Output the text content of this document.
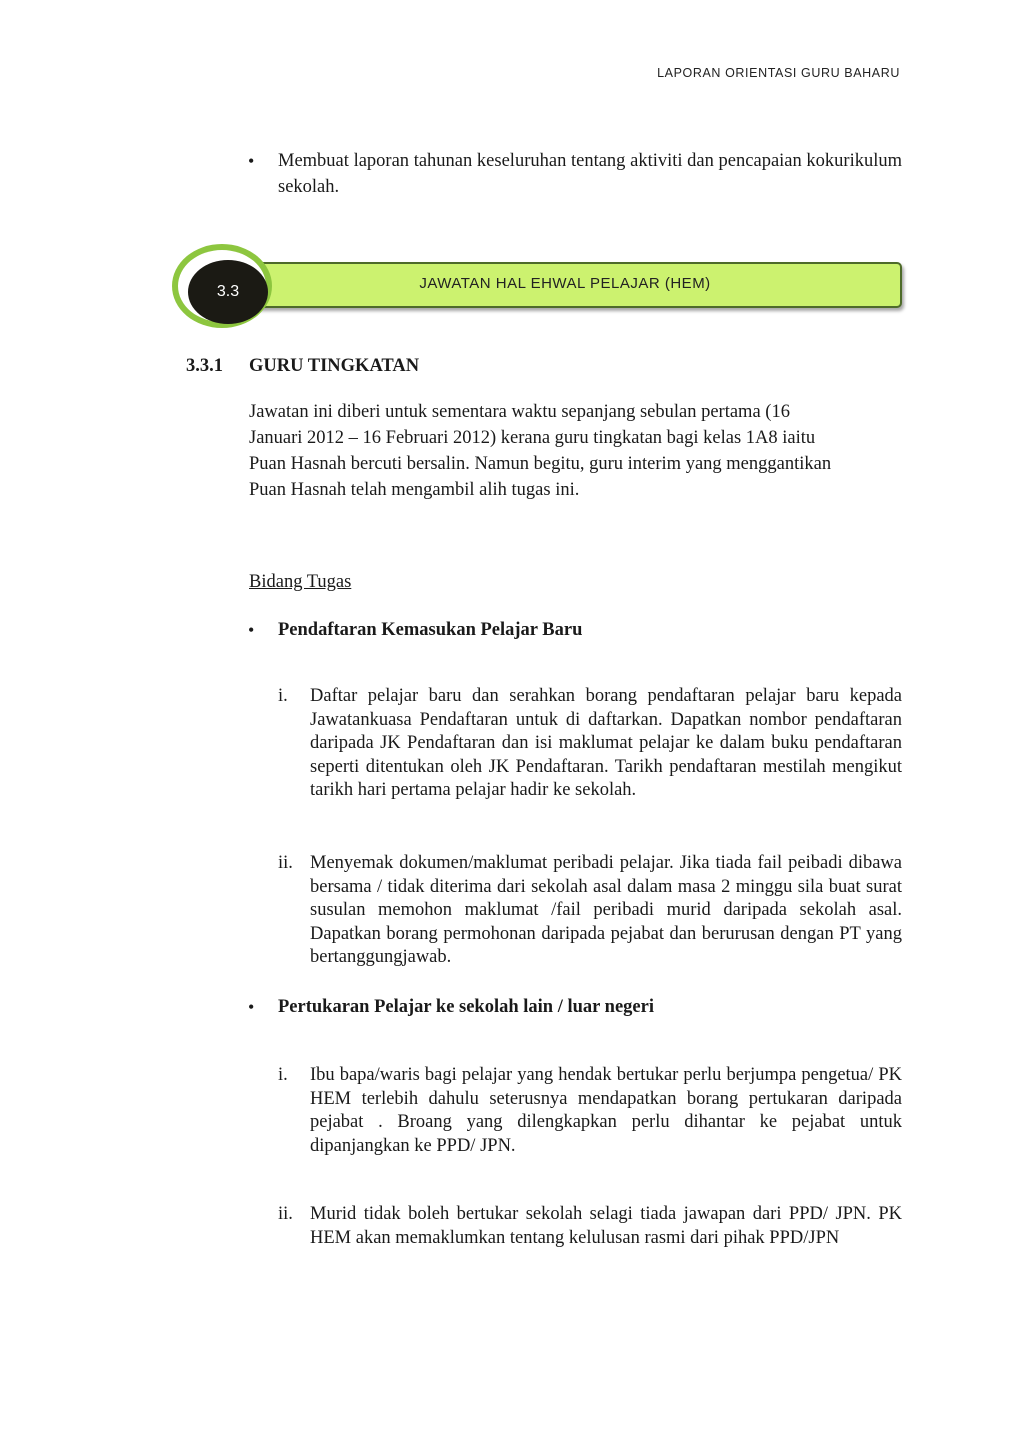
LAPORAN ORIENTASI GURU BAHARU
•	Membuat laporan tahunan keseluruhan tentang aktiviti dan pencapaian kokurikulum sekolah.
JAWATAN HAL EHWAL PELAJAR (HEM)
3.3
3.3.1 GURU TINGKATAN
Jawatan ini diberi untuk sementara waktu sepanjang sebulan pertama (16
Januari 2012 – 16 Februari 2012) kerana guru tingkatan bagi kelas 1A8 iaitu
Puan Hasnah bercuti bersalin. Namun begitu, guru interim yang menggantikan
Puan Hasnah telah mengambil alih tugas ini.
Bidang Tugas
•	Pendaftaran Kemasukan Pelajar Baru
i.	Daftar pelajar baru dan serahkan borang pendaftaran pelajar baru kepada Jawatankuasa Pendaftaran untuk di daftarkan. Dapatkan nombor pendaftaran daripada JK Pendaftaran dan isi maklumat pelajar ke dalam buku pendaftaran seperti ditentukan oleh JK Pendaftaran. Tarikh pendaftaran mestilah mengikut tarikh hari pertama pelajar hadir ke sekolah.
ii. Menyemak dokumen/maklumat peribadi pelajar. Jika tiada fail peibadi dibawa bersama / tidak diterima dari sekolah asal dalam masa 2 minggu sila buat surat susulan memohon maklumat /fail peribadi murid daripada sekolah asal. Dapatkan borang permohonan daripada pejabat dan berurusan dengan PT yang bertanggungjawab.
•	Pertukaran Pelajar ke sekolah lain / luar negeri
i.	Ibu bapa/waris bagi pelajar yang hendak bertukar perlu berjumpa pengetua/ PK HEM terlebih dahulu seterusnya mendapatkan borang pertukaran daripada pejabat . Broang yang dilengkapkan perlu dihantar ke pejabat untuk dipanjangkan ke PPD/ JPN.
ii. Murid tidak boleh bertukar sekolah selagi tiada jawapan dari PPD/ JPN. PK HEM akan memaklumkan tentang kelulusan rasmi dari pihak PPD/JPN
